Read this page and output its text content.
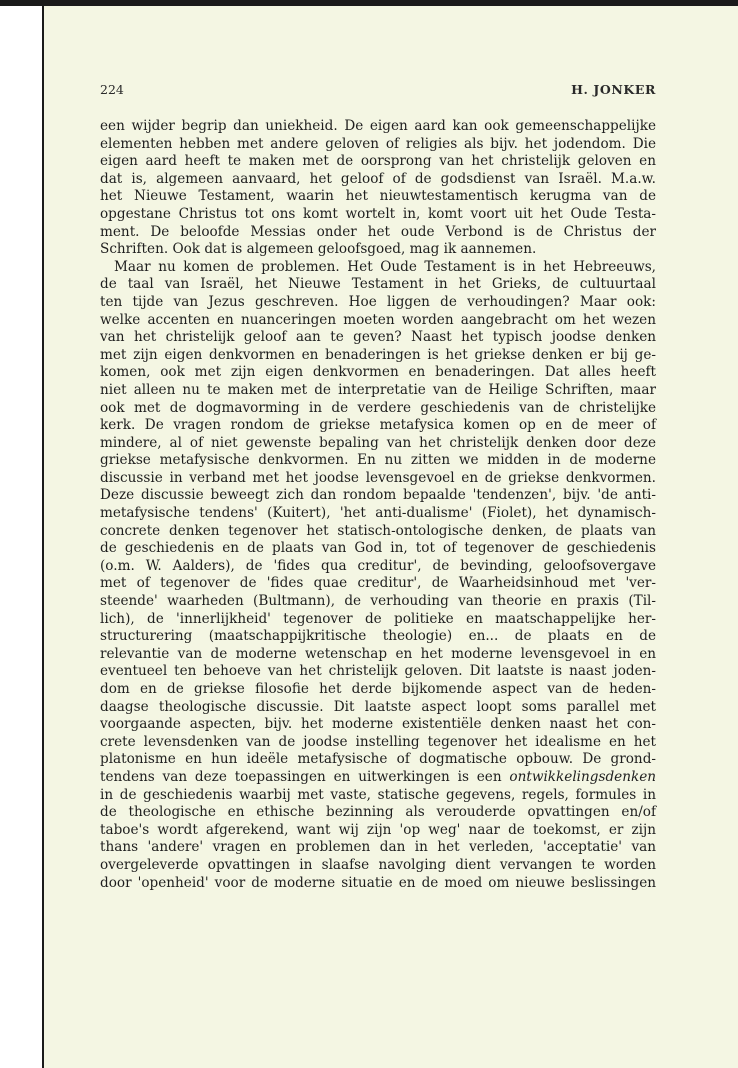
224	H. JONKER
een wijder begrip dan uniekheid. De eigen aard kan ook gemeenschappelijke
elementen hebben met andere geloven of religies als bijv. het jodendom. Die
eigen aard heeft te maken met de oorsprong van het christelijk geloven en
dat is, algemeen aanvaard, het geloof of de godsdienst van Israël. M.a.w.
het Nieuwe Testament, waarin het nieuwtestamentisch kerugma van de
opgestane Christus tot ons komt wortelt in, komt voort uit het Oude Testa-
ment. De beloofde Messias onder het oude Verbond is de Christus der
Schriften. Ook dat is algemeen geloofsgoed, mag ik aannemen.
Maar nu komen de problemen. Het Oude Testament is in het Hebreeuws,
de taal van Israël, het Nieuwe Testament in het Grieks, de cultuurtaal
ten tijde van Jezus geschreven. Hoe liggen de verhoudingen? Maar ook:
welke accenten en nuanceringen moeten worden aangebracht om het wezen
van het christelijk geloof aan te geven? Naast het typisch joodse denken
met zijn eigen denkvormen en benaderingen is het griekse denken er bij ge-
komen, ook met zijn eigen denkvormen en benaderingen. Dat alles heeft
niet alleen nu te maken met de interpretatie van de Heilige Schriften, maar
ook met de dogmavorming in de verdere geschiedenis van de christelijke
kerk. De vragen rondom de griekse metafysica komen op en de meer of
mindere, al of niet gewenste bepaling van het christelijk denken door deze
griekse metafysische denkvormen. En nu zitten we midden in de moderne
discussie in verband met het joodse levensgevoel en de griekse denkvormen.
Deze discussie beweegt zich dan rondom bepaalde 'tendenzen', bijv. 'de anti-
metafysische tendens' (Kuitert), 'het anti-dualisme' (Fiolet), het dynamisch-
concrete denken tegenover het statisch-ontologische denken, de plaats van
de geschiedenis en de plaats van God in, tot of tegenover de geschiedenis
(o.m. W. Aalders), de 'fides qua creditur', de bevinding, geloofsovergave
met of tegenover de 'fides quae creditur', de Waarheidsinhoud met 'ver-
steende' waarheden (Bultmann), de verhouding van theorie en praxis (Til-
lich), de 'innerlijkheid' tegenover de politieke en maatschappelijke her-
structurering (maatschappijkritische theologie) en... de plaats en de
relevantie van de moderne wetenschap en het moderne levensgevoel in en
eventueel ten behoeve van het christelijk geloven. Dit laatste is naast joden-
dom en de griekse filosofie het derde bijkomende aspect van de heden-
daagse theologische discussie. Dit laatste aspect loopt soms parallel met
voorgaande aspecten, bijv. het moderne existentiële denken naast het con-
crete levensdenken van de joodse instelling tegenover het idealisme en het
platonisme en hun ideële metafysische of dogmatische opbouw. De grond-
tendens van deze toepassingen en uitwerkingen is een ontwikkelingsdenken
in de geschiedenis waarbij met vaste, statische gegevens, regels, formules in
de theologische en ethische bezinning als verouderde opvattingen en/of
taboe's wordt afgerekend, want wij zijn 'op weg' naar de toekomst, er zijn
thans 'andere' vragen en problemen dan in het verleden, 'acceptatie' van
overgeleverde opvattingen in slaafse navolging dient vervangen te worden
door 'openheid' voor de moderne situatie en de moed om nieuwe beslissingen
